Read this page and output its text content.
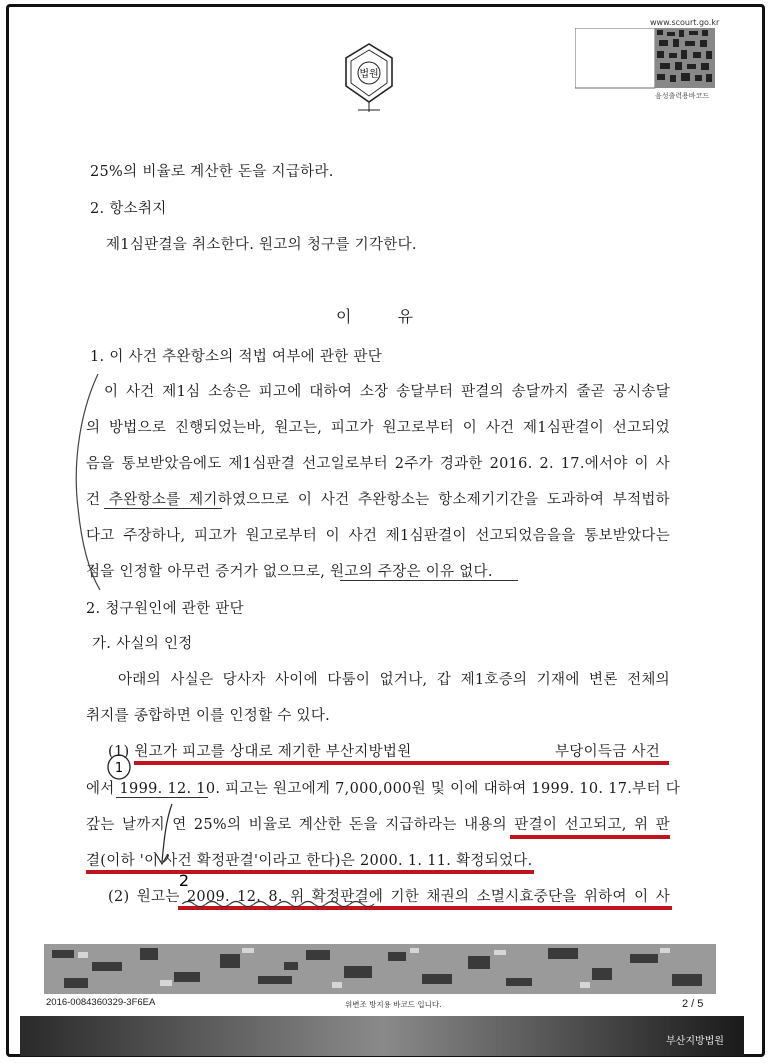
법원
www.scourt.go.kr
음성출력용바코드
25%의 비율로 계산한 돈을 지급하라.
2. 항소취지
제1심판결을 취소한다. 원고의 청구를 기각한다.
이유
1. 이 사건 추완항소의 적법 여부에 관한 판단
이 사건 제1심 소송은 피고에 대하여 소장 송달부터 판결의 송달까지 줄곧 공시송달
의 방법으로 진행되었는바, 원고는, 피고가 원고로부터 이 사건 제1심판결이 선고되었
음을 통보받았음에도 제1심판결 선고일로부터 2주가 경과한 2016. 2. 17.에서야 이 사
건 추완항소를 제기하였으므로 이 사건 추완항소는 항소제기기간을 도과하여 부적법하
다고 주장하나, 피고가 원고로부터 이 사건 제1심판결이 선고되었음을을 통보받았다는
점을 인정할 아무런 증거가 없으므로, 원고의 주장은 이유 없다.
2. 청구원인에 관한 판단
가. 사실의 인정
아래의 사실은 당사자 사이에 다툼이 없거나, 갑 제1호증의 기재에 변론 전체의
취지를 종합하면 이를 인정할 수 있다.
(1) 원고가 피고를 상대로 제기한 부산지방법원	부당이득금 사건
에서 1999. 12. 10. 피고는 원고에게 7,000,000원 및 이에 대하여 1999. 10. 17.부터 다
갚는 날까지 연 25%의 비율로 계산한 돈을 지급하라는 내용의 판결이 선고되고, 위 판
결(이하 '이 사건 확정판결'이라고 한다)은 2000. 1. 11. 확정되었다.
(2) 원고는 2009. 12. 8. 위 확정판결에 기한 채권의 소멸시효중단을 위하여 이 사
1
2
2016-0084360329-3F6EA	위변조 방지용 바코드 입니다.	2 / 5
부산지방법원
